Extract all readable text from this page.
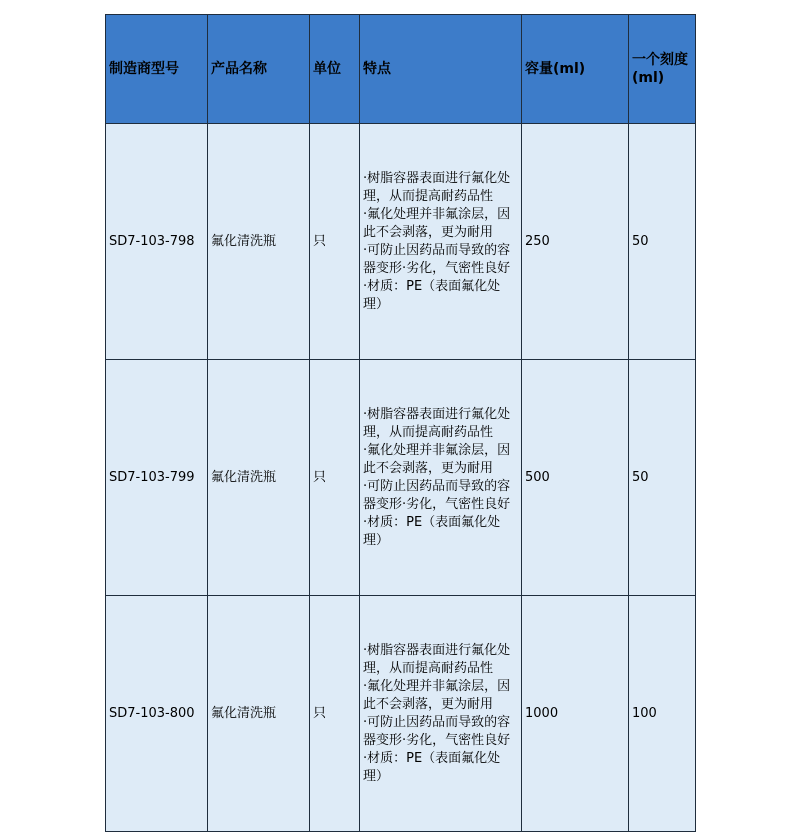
制造商型号	产品名称	单位	特点	容量(ml)	一个刻度(ml)
SD7-103-798	氟化清洗瓶	只	·树脂容器表面进行氟化处理，从而提高耐药品性
·氟化处理并非氟涂层，因此不会剥落，更为耐用
·可防止因药品而导致的容器变形·劣化，气密性良好
·材质：PE（表面氟化处理）	250	50
SD7-103-799	氟化清洗瓶	只	·树脂容器表面进行氟化处理，从而提高耐药品性
·氟化处理并非氟涂层，因此不会剥落，更为耐用
·可防止因药品而导致的容器变形·劣化，气密性良好
·材质：PE（表面氟化处理）	500	50
SD7-103-800	氟化清洗瓶	只	·树脂容器表面进行氟化处理，从而提高耐药品性
·氟化处理并非氟涂层，因此不会剥落，更为耐用
·可防止因药品而导致的容器变形·劣化，气密性良好
·材质：PE（表面氟化处理）	1000	100
